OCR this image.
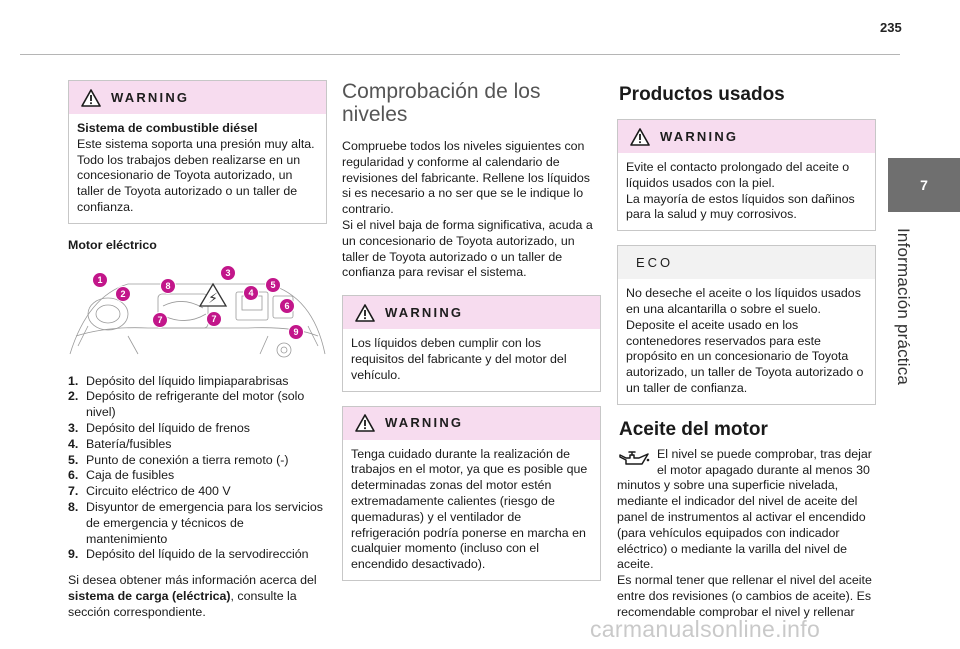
235
7
Información práctica
WARNING

Sistema de combustible diésel

Este sistema soporta una presión muy alta. Todo los trabajos deben realizarse en un concesionario de Toyota autorizado, un taller de Toyota autorizado o un taller de confianza.

Motor eléctrico
⚡
1
2
3
4
5
6
7	7
8
9
1. Depósito del líquido limpiaparabrisas
2. Depósito de refrigerante del motor (solo nivel)
3. Depósito del líquido de frenos
4. Batería/fusibles
5. Punto de conexión a tierra remoto (-)
6. Caja de fusibles
7. Circuito eléctrico de 400 V
8. Disyuntor de emergencia para los servicios de emergencia y técnicos de mantenimiento
9. Depósito del líquido de la servodirección

Si desea obtener más información acerca del sistema de carga (eléctrica), consulte la sección correspondiente.

Comprobación de los niveles

Compruebe todos los niveles siguientes con regularidad y conforme al calendario de revisiones del fabricante. Rellene los líquidos si es necesario a no ser que se le indique lo contrario.

Si el nivel baja de forma significativa, acuda a un concesionario de Toyota autorizado, un taller de Toyota autorizado o un taller de confianza para revisar el sistema.

WARNING

Los líquidos deben cumplir con los requisitos del fabricante y del motor del vehículo.

WARNING

Tenga cuidado durante la realización de trabajos en el motor, ya que es posible que determinadas zonas del motor estén extremadamente calientes (riesgo de quemaduras) y el ventilador de refrigeración podría ponerse en marcha en cualquier momento (incluso con el encendido desactivado).

Productos usados
WARNING

Evite el contacto prolongado del aceite o líquidos usados con la piel.

La mayoría de estos líquidos son dañinos para la salud y muy corrosivos.

ECO

No deseche el aceite o los líquidos usados en una alcantarilla o sobre el suelo.

Deposite el aceite usado en los contenedores reservados para este propósito en un concesionario de Toyota autorizado, un taller de Toyota autorizado o un taller de confianza.

Aceite del motor

El nivel se puede comprobar, tras dejar el motor apagado durante al menos 30 minutos y sobre una superficie nivelada, mediante el indicador del nivel de aceite del panel de instrumentos al activar el encendido (para vehículos equipados con indicador eléctrico) o mediante la varilla del nivel de aceite.

Es normal tener que rellenar el nivel del aceite entre dos revisiones (o cambios de aceite). Es recomendable comprobar el nivel y rellenar

carmanualsonline.info
